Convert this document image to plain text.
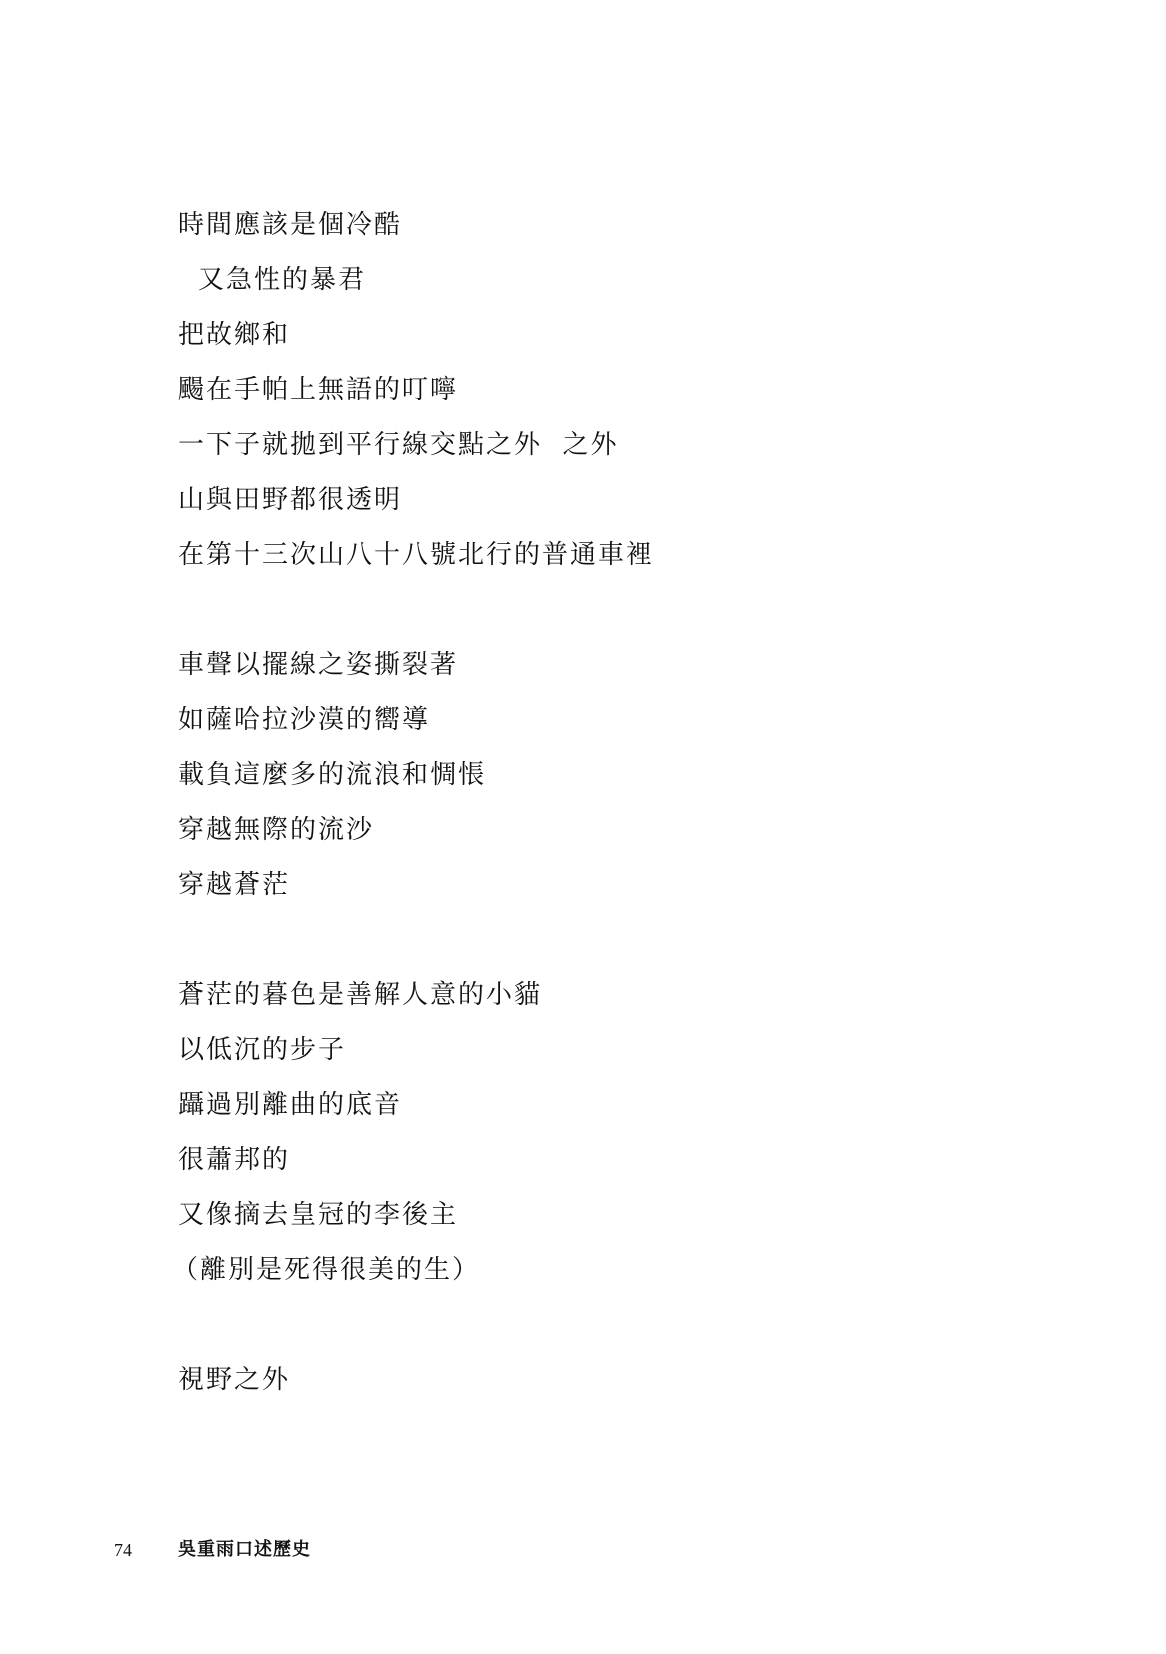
時間應該是個冷酷
又急性的暴君
把故鄉和
颺在手帕上無語的叮嚀
一下子就拋到平行線交點之外  之外
山與田野都很透明
在第十三次山八十八號北行的普通車裡
車聲以擺線之姿撕裂著
如薩哈拉沙漠的嚮導
載負這麼多的流浪和惆悵
穿越無際的流沙
穿越蒼茫
蒼茫的暮色是善解人意的小貓
以低沉的步子
躡過別離曲的底音
很蕭邦的
又像摘去皇冠的李後主
（離別是死得很美的生）
視野之外
74	吳重雨口述歷史
